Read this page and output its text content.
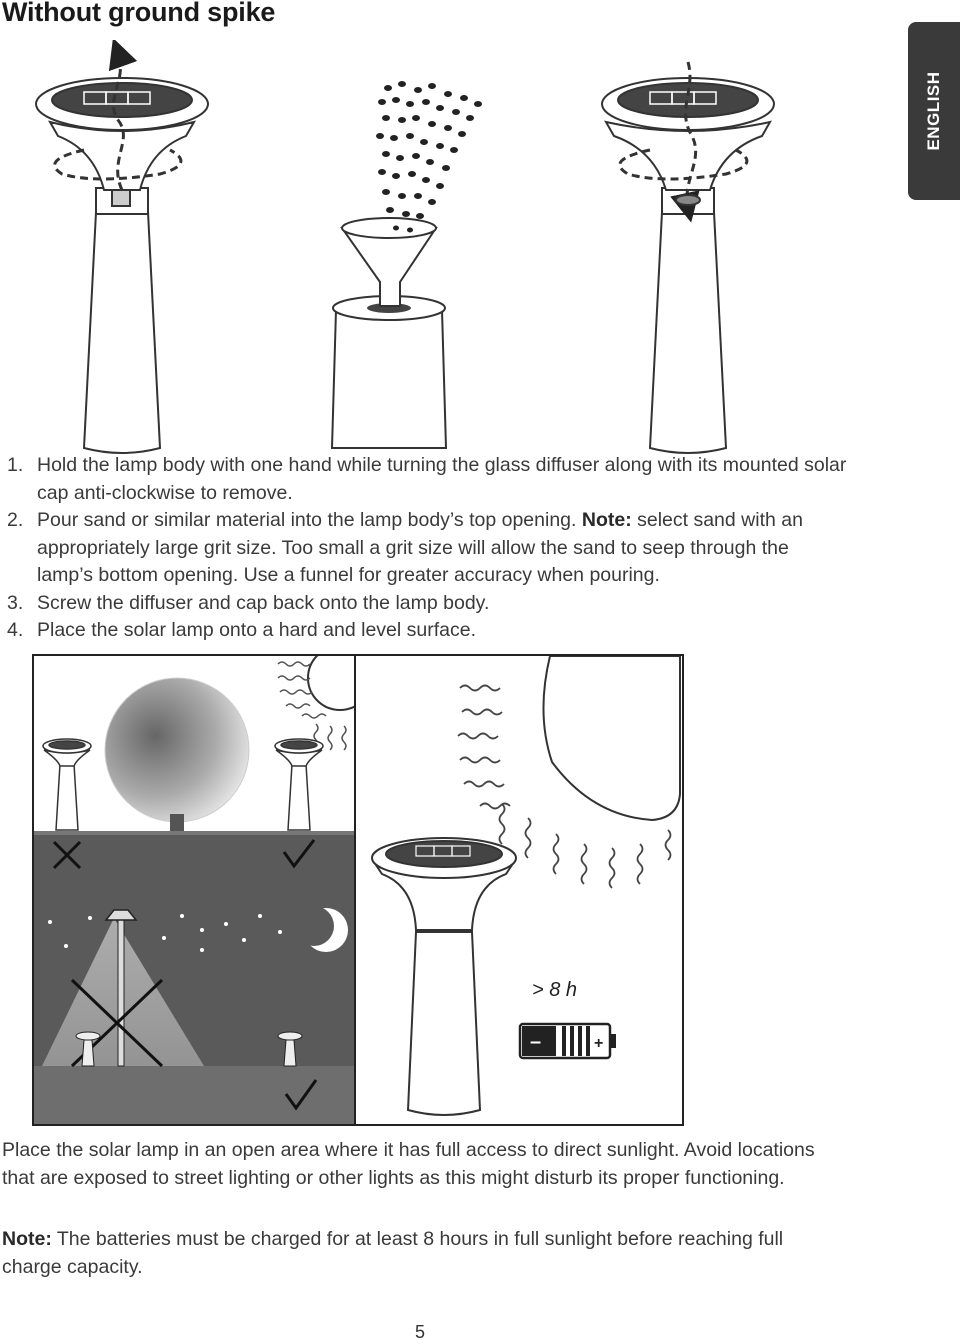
Without ground spike
ENGLISH
1. Hold the lamp body with one hand while turning the glass diffuser along with its mounted solar cap anti-clockwise to remove.
2. Pour sand or similar material into the lamp body’s top opening. Note: select sand with an appropriately large grit size. Too small a grit size will allow the sand to seep through the lamp’s bottom opening. Use a funnel for greater accuracy when pouring.
3. Screw the diffuser and cap back onto the lamp body.
4. Place the solar lamp onto a hard and level surface.
> 8 h
–	+

Place the solar lamp in an open area where it has full access to direct sunlight. Avoid locations that are exposed to street lighting or other lights as this might disturb its proper functioning.

Note: The batteries must be charged for at least 8 hours in full sunlight before reaching full charge capacity.

5
